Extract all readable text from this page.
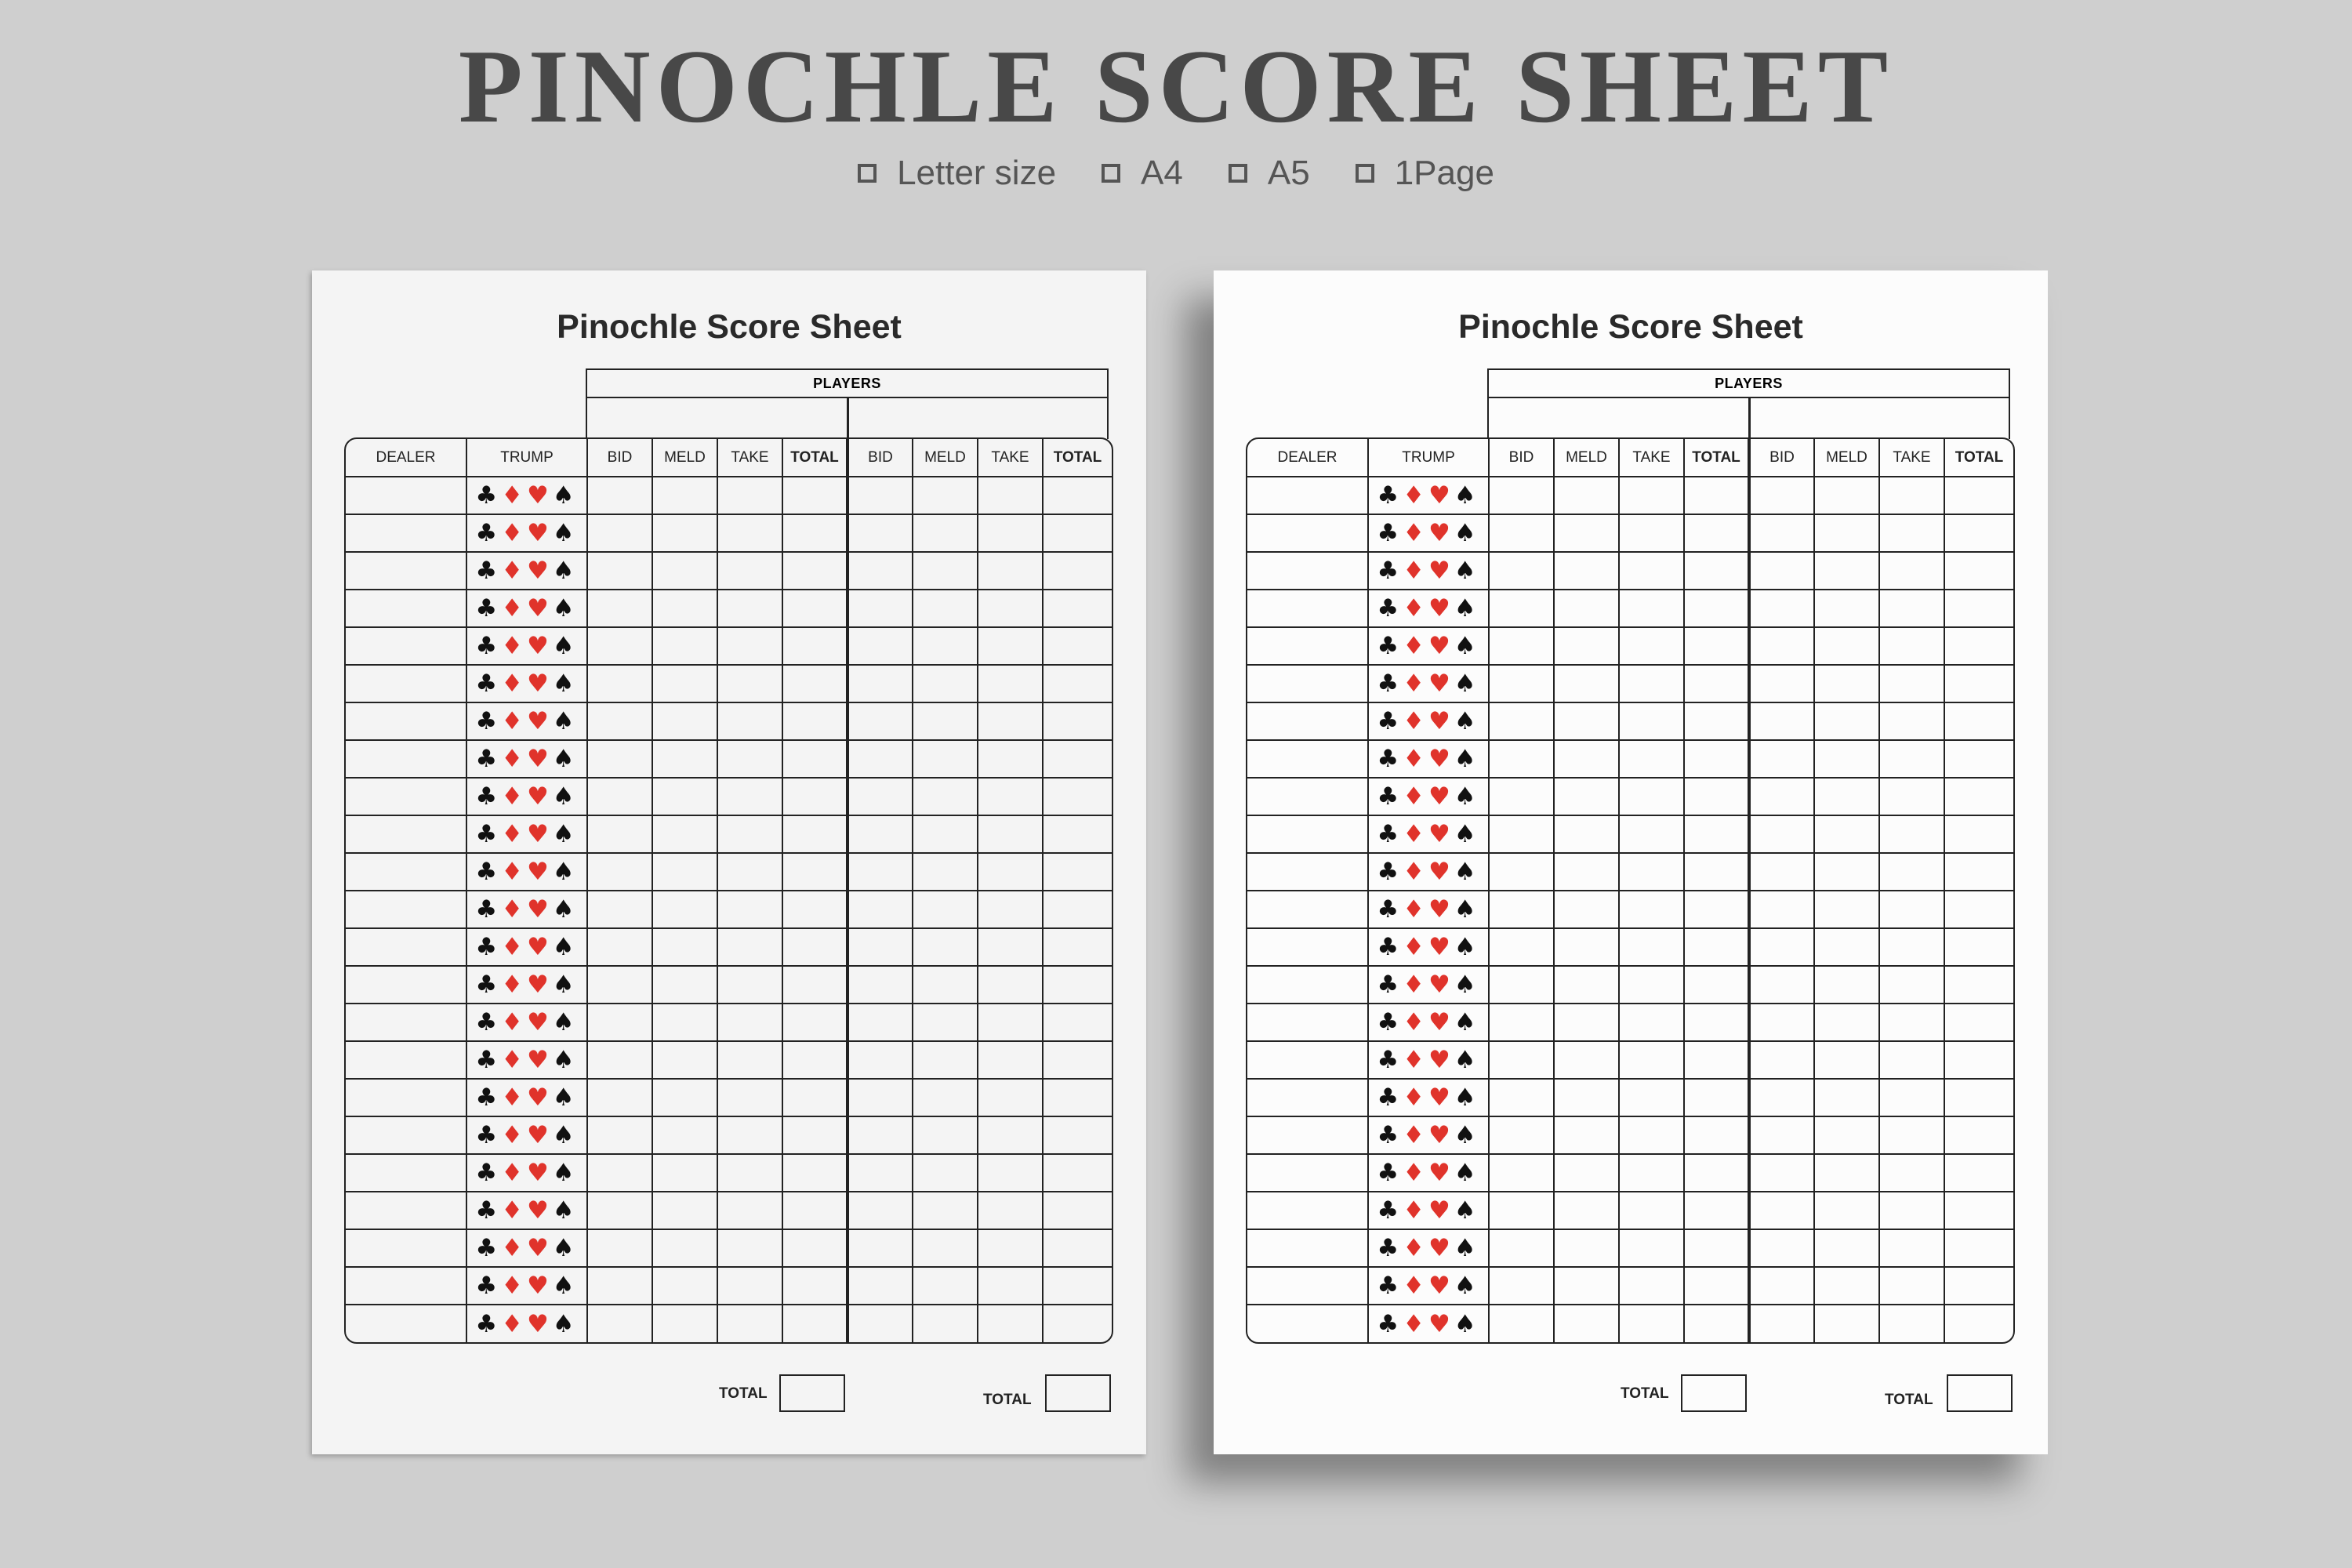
PINOCHLE SCORE SHEET
Letter size A4 A5 1Page
Pinochle Score Sheet
PLAYERS
DEALER	TRUMP	BID	MELD	TAKE	TOTAL	BID	MELD	TAKE	TOTAL
	♣♦♥♠								
	♣♦♥♠								
	♣♦♥♠								
	♣♦♥♠								
	♣♦♥♠								
	♣♦♥♠								
	♣♦♥♠								
	♣♦♥♠								
	♣♦♥♠								
	♣♦♥♠								
	♣♦♥♠								
	♣♦♥♠								
	♣♦♥♠								
	♣♦♥♠								
	♣♦♥♠								
	♣♦♥♠								
	♣♦♥♠								
	♣♦♥♠								
	♣♦♥♠								
	♣♦♥♠								
	♣♦♥♠								
	♣♦♥♠								
	♣♦♥♠								
TOTAL	TOTAL
Pinochle Score Sheet
PLAYERS
DEALER	TRUMP	BID	MELD	TAKE	TOTAL	BID	MELD	TAKE	TOTAL
	♣♦♥♠								
	♣♦♥♠								
	♣♦♥♠								
	♣♦♥♠								
	♣♦♥♠								
	♣♦♥♠								
	♣♦♥♠								
	♣♦♥♠								
	♣♦♥♠								
	♣♦♥♠								
	♣♦♥♠								
	♣♦♥♠								
	♣♦♥♠								
	♣♦♥♠								
	♣♦♥♠								
	♣♦♥♠								
	♣♦♥♠								
	♣♦♥♠								
	♣♦♥♠								
	♣♦♥♠								
	♣♦♥♠								
	♣♦♥♠								
	♣♦♥♠								
TOTAL	TOTAL
